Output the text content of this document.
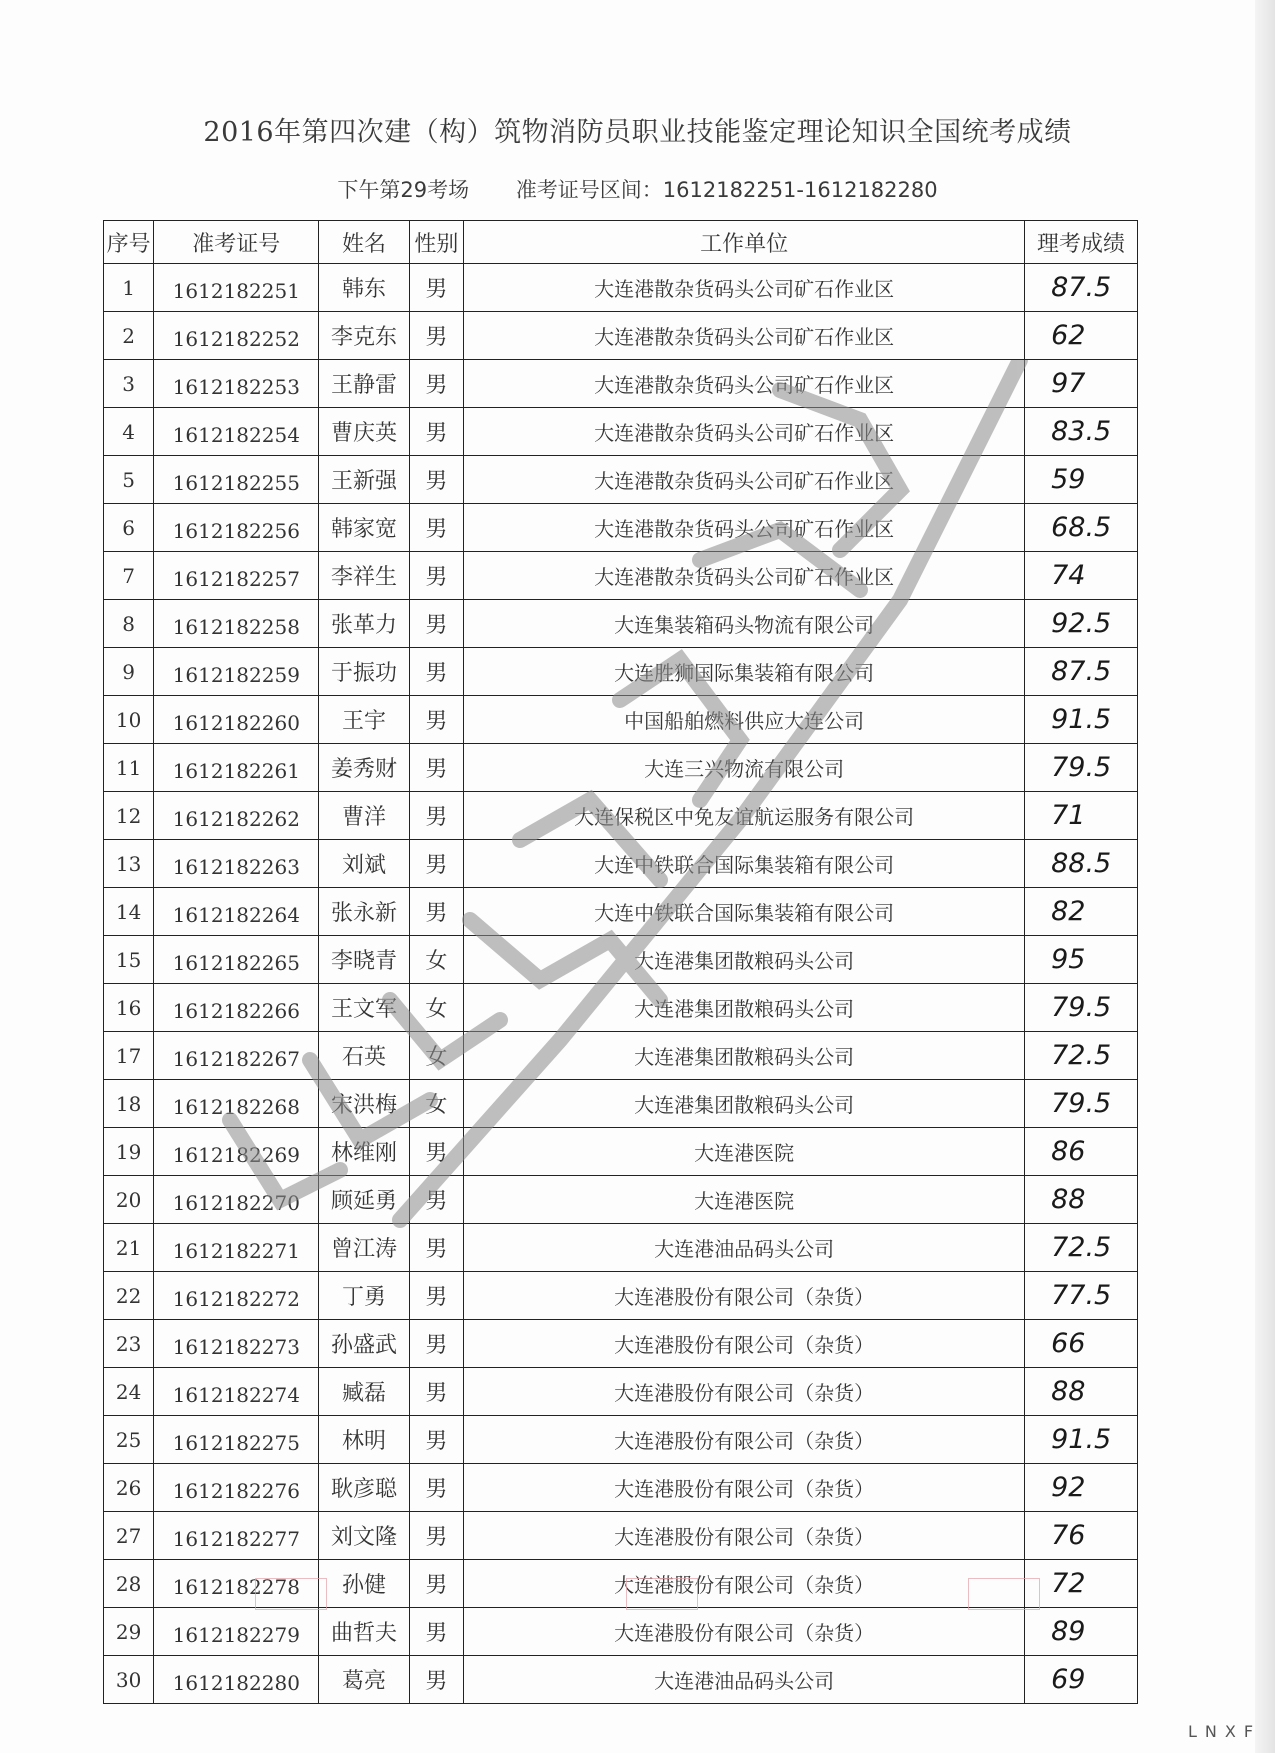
2016年第四次建（构）筑物消防员职业技能鉴定理论知识全国统考成绩
下午第29考场 准考证号区间：1612182251-1612182280
序号	准考证号	姓名	性别	工作单位	理考成绩
1	1612182251	韩东	男	大连港散杂货码头公司矿石作业区	87.5
2	1612182252	李克东	男	大连港散杂货码头公司矿石作业区	62
3	1612182253	王静雷	男	大连港散杂货码头公司矿石作业区	97
4	1612182254	曹庆英	男	大连港散杂货码头公司矿石作业区	83.5
5	1612182255	王新强	男	大连港散杂货码头公司矿石作业区	59
6	1612182256	韩家宽	男	大连港散杂货码头公司矿石作业区	68.5
7	1612182257	李祥生	男	大连港散杂货码头公司矿石作业区	74
8	1612182258	张革力	男	大连集装箱码头物流有限公司	92.5
9	1612182259	于振功	男	大连胜狮国际集装箱有限公司	87.5
10	1612182260	王宇	男	中国船舶燃料供应大连公司	91.5
11	1612182261	姜秀财	男	大连三兴物流有限公司	79.5
12	1612182262	曹洋	男	大连保税区中免友谊航运服务有限公司	71
13	1612182263	刘斌	男	大连中铁联合国际集装箱有限公司	88.5
14	1612182264	张永新	男	大连中铁联合国际集装箱有限公司	82
15	1612182265	李晓青	女	大连港集团散粮码头公司	95
16	1612182266	王文军	女	大连港集团散粮码头公司	79.5
17	1612182267	石英	女	大连港集团散粮码头公司	72.5
18	1612182268	宋洪梅	女	大连港集团散粮码头公司	79.5
19	1612182269	林维刚	男	大连港医院	86
20	1612182270	顾延勇	男	大连港医院	88
21	1612182271	曾江涛	男	大连港油品码头公司	72.5
22	1612182272	丁勇	男	大连港股份有限公司（杂货）	77.5
23	1612182273	孙盛武	男	大连港股份有限公司（杂货）	66
24	1612182274	臧磊	男	大连港股份有限公司（杂货）	88
25	1612182275	林明	男	大连港股份有限公司（杂货）	91.5
26	1612182276	耿彦聪	男	大连港股份有限公司（杂货）	92
27	1612182277	刘文隆	男	大连港股份有限公司（杂货）	76
28	1612182278	孙健	男	大连港股份有限公司（杂货）	72
29	1612182279	曲哲夫	男	大连港股份有限公司（杂货）	89
30	1612182280	葛亮	男	大连港油品码头公司	69
LNXF
